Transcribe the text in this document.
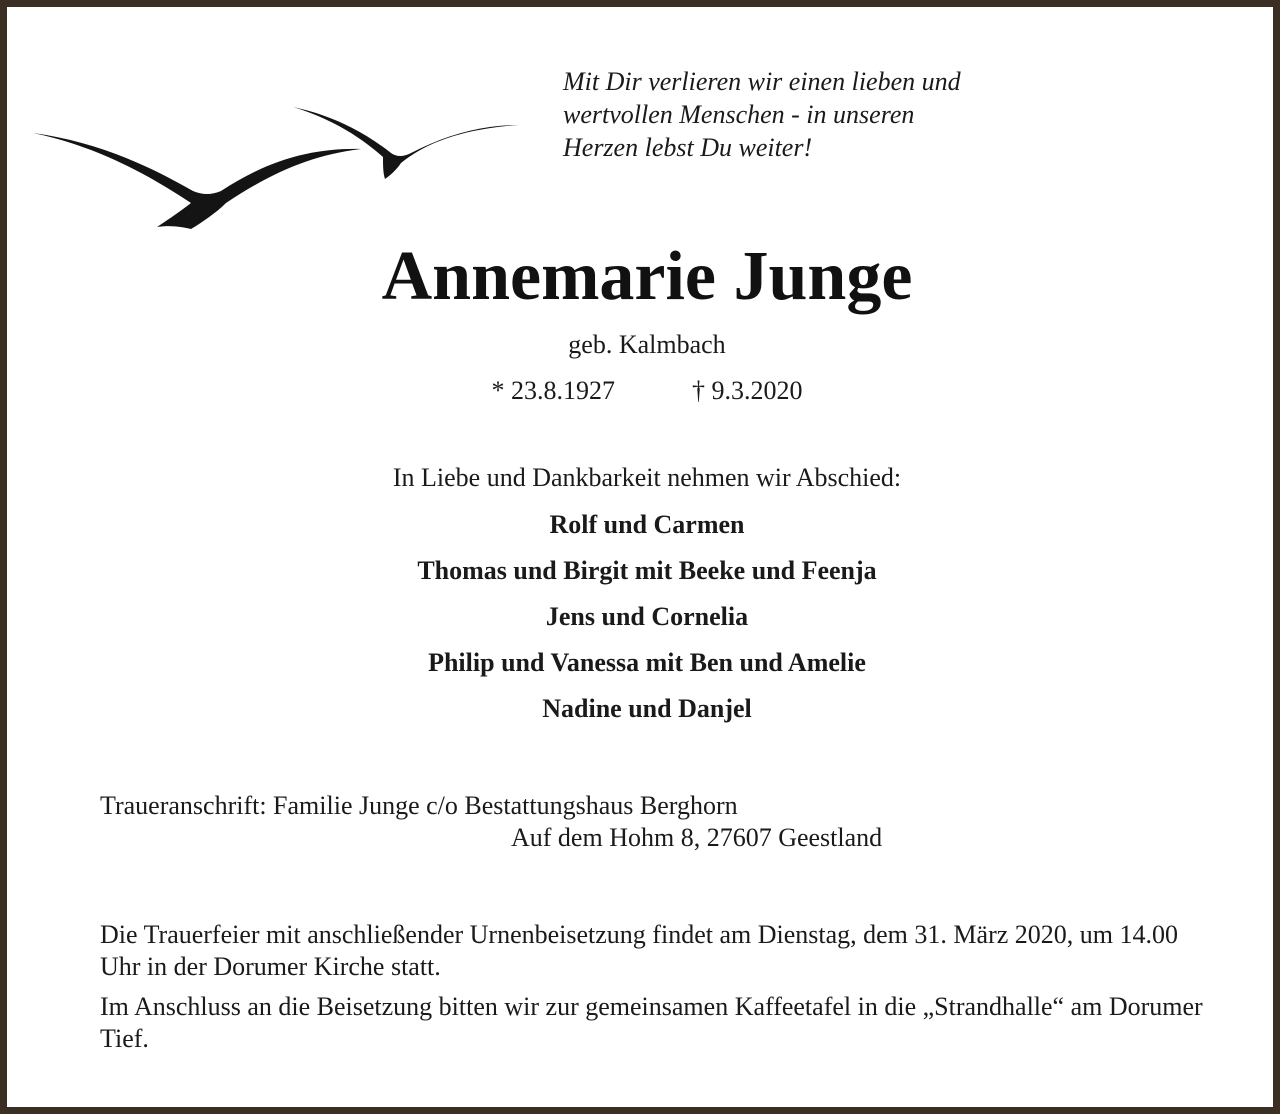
Mit Dir verlieren wir einen lieben und
wertvollen Menschen - in unseren
Herzen lebst Du weiter!
Annemarie Junge
geb. Kalmbach
* 23.8.1927	† 9.3.2020
In Liebe und Dankbarkeit nehmen wir Abschied:
Rolf und Carmen
Thomas und Birgit mit Beeke und Feenja
Jens und Cornelia
Philip und Vanessa mit Ben und Amelie
Nadine und Danjel
Traueranschrift: Familie Junge c/o Bestattungshaus Berghorn
Auf dem Hohm 8, 27607 Geestland

Die Trauerfeier mit anschließender Urnenbeisetzung findet am Dienstag, dem 31. März 2020, um 14.00 Uhr in der Dorumer Kirche statt.

Im Anschluss an die Beisetzung bitten wir zur gemeinsamen Kaffeetafel in die „Strandhalle“ am Dorumer Tief.
